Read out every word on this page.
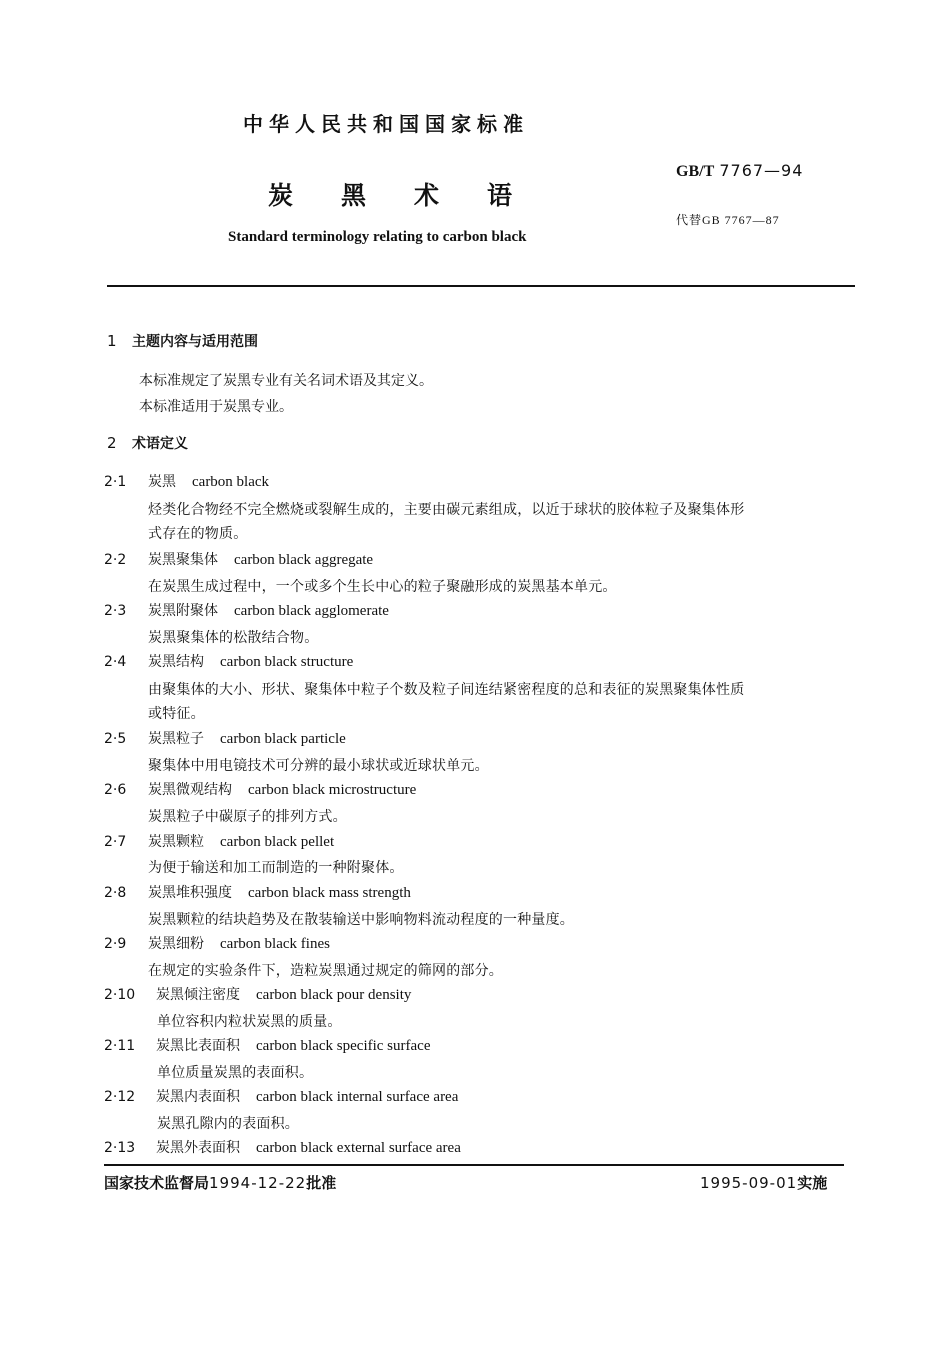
中华人民共和国国家标准
炭黑术语
Standard terminology relating to carbon black
GB/T 7767—94
代替GB 7767—87
1 主题内容与适用范围
本标准规定了炭黑专业有关名词术语及其定义。
本标准适用于炭黑专业。
2 术语定义
2·1 炭黑 carbon black
烃类化合物经不完全燃烧或裂解生成的，主要由碳元素组成，以近于球状的胶体粒子及聚集体形
式存在的物质。
2·2 炭黑聚集体 carbon black aggregate
在炭黑生成过程中，一个或多个生长中心的粒子聚融形成的炭黑基本单元。
2·3 炭黑附聚体 carbon black agglomerate
炭黑聚集体的松散结合物。
2·4 炭黑结构 carbon black structure
由聚集体的大小、形状、聚集体中粒子个数及粒子间连结紧密程度的总和表征的炭黑聚集体性质
或特征。
2·5 炭黑粒子 carbon black particle
聚集体中用电镜技术可分辨的最小球状或近球状单元。
2·6 炭黑微观结构 carbon black microstructure
炭黑粒子中碳原子的排列方式。
2·7 炭黑颗粒 carbon black pellet
为便于输送和加工而制造的一种附聚体。
2·8 炭黑堆积强度 carbon black mass strength
炭黑颗粒的结块趋势及在散装输送中影响物料流动程度的一种量度。
2·9 炭黑细粉 carbon black fines
在规定的实验条件下，造粒炭黑通过规定的筛网的部分。
2·10 炭黑倾注密度 carbon black pour density
单位容积内粒状炭黑的质量。
2·11 炭黑比表面积 carbon black specific surface
单位质量炭黑的表面积。
2·12 炭黑内表面积 carbon black internal surface area
炭黑孔隙内的表面积。
2·13 炭黑外表面积 carbon black external surface area
国家技术监督局1994-12-22批准	1995-09-01实施
